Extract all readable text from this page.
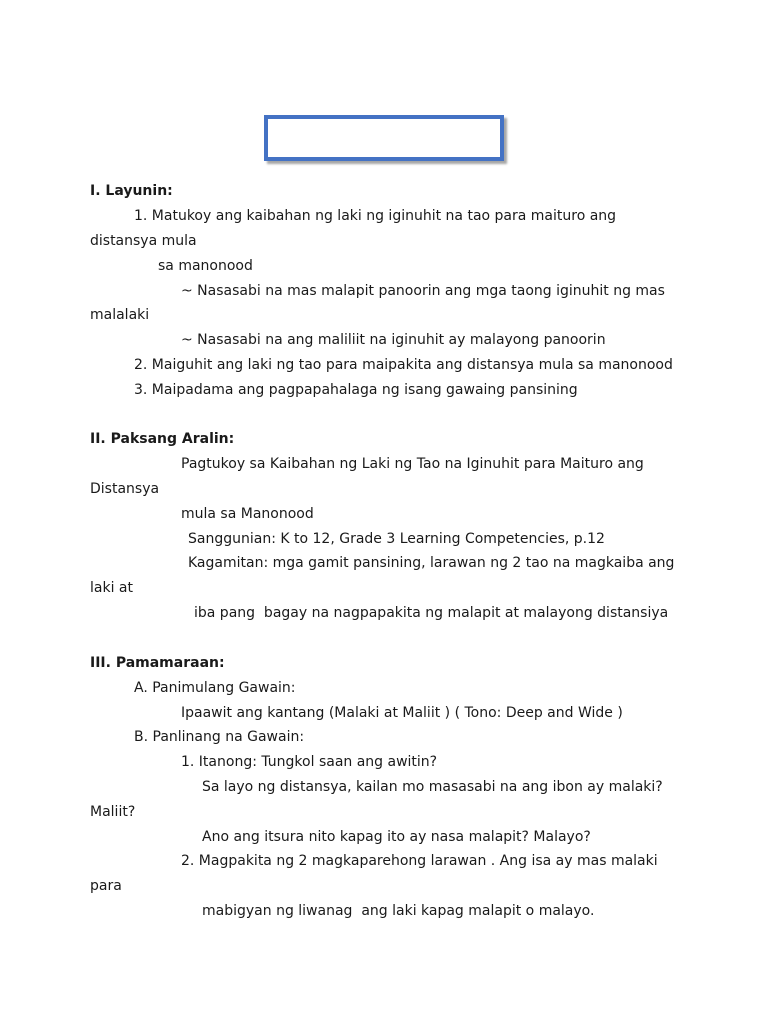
I. Layunin:
1. Matukoy ang kaibahan ng laki ng iginuhit na tao para maituro ang
distansya mula
sa manonood
~ Nasasabi na mas malapit panoorin ang mga taong iginuhit ng mas
malalaki
~ Nasasabi na ang maliliit na iginuhit ay malayong panoorin
2. Maiguhit ang laki ng tao para maipakita ang distansya mula sa manonood
3. Maipadama ang pagpapahalaga ng isang gawaing pansining
II. Paksang Aralin:
Pagtukoy sa Kaibahan ng Laki ng Tao na Iginuhit para Maituro ang
Distansya
mula sa Manonood
Sanggunian: K to 12, Grade 3 Learning Competencies, p.12
Kagamitan: mga gamit pansining, larawan ng 2 tao na magkaiba ang
laki at
iba pang  bagay na nagpapakita ng malapit at malayong distansiya
III. Pamamaraan:
A. Panimulang Gawain:
Ipaawit ang kantang (Malaki at Maliit ) ( Tono: Deep and Wide )
B. Panlinang na Gawain:
1. Itanong: Tungkol saan ang awitin?
Sa layo ng distansya, kailan mo masasabi na ang ibon ay malaki?
Maliit?
Ano ang itsura nito kapag ito ay nasa malapit? Malayo?
2. Magpakita ng 2 magkaparehong larawan . Ang isa ay mas malaki
para
mabigyan ng liwanag  ang laki kapag malapit o malayo.
